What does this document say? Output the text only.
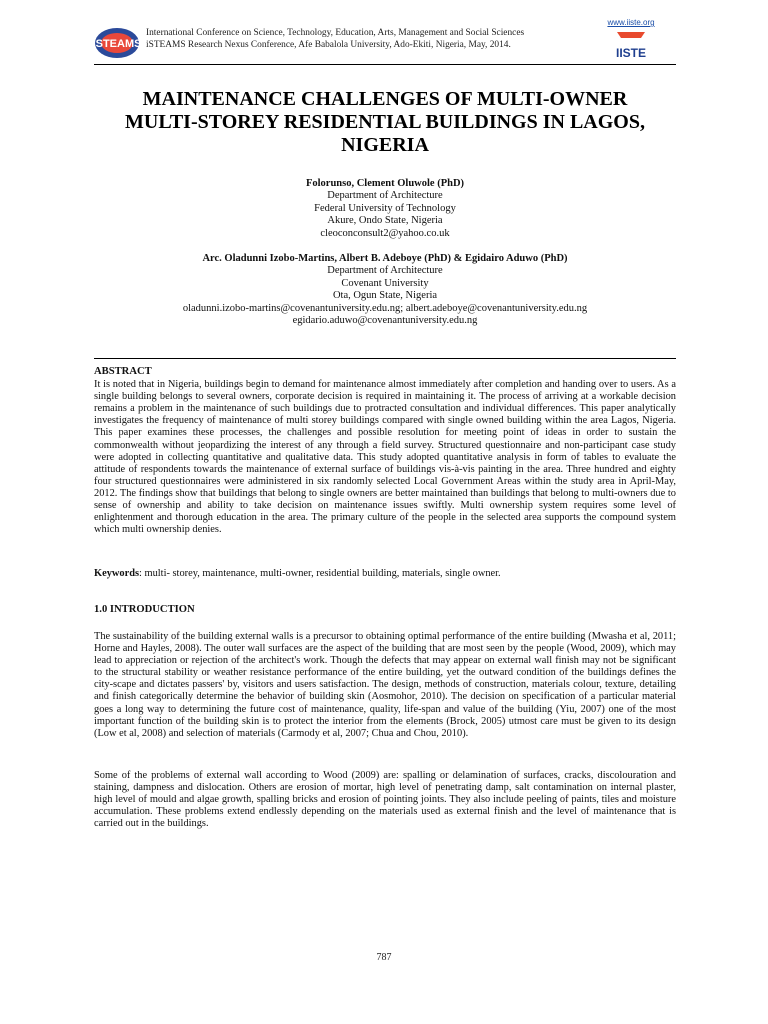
iSTEAMS
International Conference on Science, Technology, Education, Arts, Management and Social Sciences
iSTEAMS Research Nexus Conference, Afe Babalola University, Ado-Ekiti, Nigeria, May, 2014.
www.iiste.org
IISTE
MAINTENANCE CHALLENGES OF MULTI-OWNER
MULTI-STOREY RESIDENTIAL BUILDINGS IN LAGOS,
NIGERIA
Folorunso, Clement Oluwole (PhD)
Department of Architecture
Federal University of Technology
Akure, Ondo State, Nigeria
cleoconconsult2@yahoo.co.uk
Arc. Oladunni Izobo-Martins, Albert B. Adeboye (PhD) & Egidairo Aduwo (PhD)
Department of Architecture
Covenant University
Ota, Ogun State, Nigeria
oladunni.izobo-martins@covenantuniversity.edu.ng; albert.adeboye@covenantuniversity.edu.ng
egidario.aduwo@covenantuniversity.edu.ng
ABSTRACT

It is noted that in Nigeria, buildings begin to demand for maintenance almost immediately after completion and handing over to users. As a single building belongs to several owners, corporate decision is required in maintaining it. The process of arriving at a workable decision remains a problem in the maintenance of such buildings due to protracted consultation and individual differences. This paper analytically investigates the frequency of maintenance of multi storey buildings compared with single owned building within the area Lagos, Nigeria. This paper examines these processes, the challenges and possible resolution for meeting point of ideas in order to sustain the commonwealth without jeopardizing the interest of any through a field survey. Structured questionnaire and non-participant case study were adopted in collecting quantitative and qualitative data. This study adopted quantitative analysis in form of tables to evaluate the attitude of respondents towards the maintenance of external surface of buildings vis-à-vis painting in the area. Three hundred and eighty four structured questionnaires were administered in six randomly selected Local Government Areas within the study area in April-May, 2012. The findings show that buildings that belong to single owners are better maintained than buildings that belong to multi-owners due to sense of ownership and ability to take decision on maintenance issues swiftly. Multi ownership system requires some level of enlightenment and thorough education in the area. The primary culture of the people in the selected area supports the compound system which multi ownership denies.

Keywords: multi- storey, maintenance, multi-owner, residential building, materials, single owner.
1.0 INTRODUCTION

The sustainability of the building external walls is a precursor to obtaining optimal performance of the entire building (Mwasha et al, 2011; Horne and Hayles, 2008). The outer wall surfaces are the aspect of the building that are most seen by the people (Wood, 2009), which may lead to appreciation or rejection of the architect's work. Though the defects that may appear on external wall finish may not be significant to the structural stability or weather resistance performance of the entire building, yet the outward condition of the buildings defines the city-scape and dictates passers' by, visitors and users satisfaction. The design, methods of construction, materials colour, texture, detailing and finish categorically determine the behavior of building skin (Aosmohor, 2010). The decision on specification of a particular material goes a long way to determining the future cost of maintenance, quality, life-span and value of the building (Yiu, 2007) one of the most important function of the building skin is to protect the interior from the elements (Brock, 2005) utmost care must be given to its design (Low et al, 2008) and selection of materials (Carmody et al, 2007; Chua and Chou, 2010).

Some of the problems of external wall according to Wood (2009) are: spalling or delamination of surfaces, cracks, discolouration and staining, dampness and dislocation. Others are erosion of mortar, high level of penetrating damp, salt contamination on internal plaster, high level of mould and algae growth, spalling bricks and erosion of pointing joints. They also include peeling of paints, tiles and moisture accumulation. These problems extend endlessly depending on the materials used as external finish and the level of maintenance that is carried out in the buildings.

787
